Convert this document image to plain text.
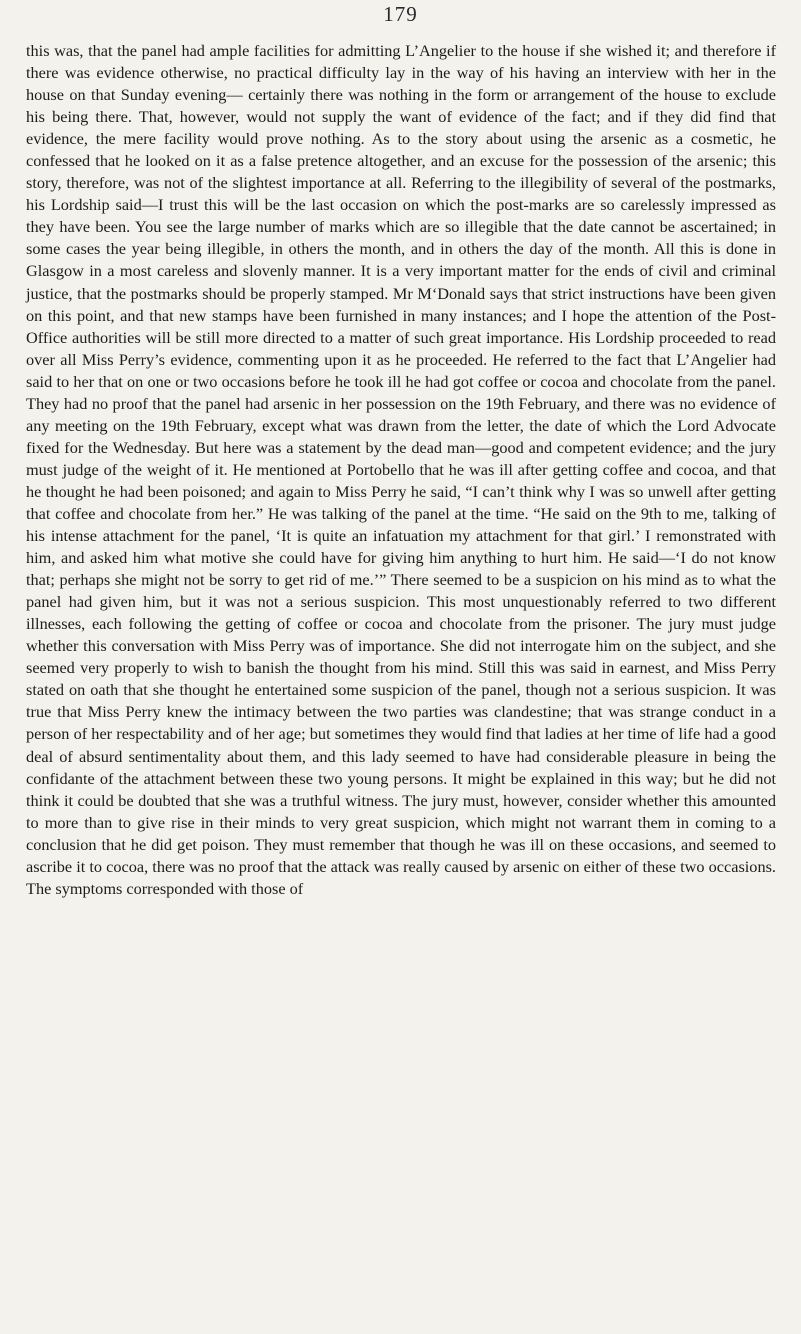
179

this was, that the panel had ample facilities for admitting L’Angelier to the house if she wished it; and therefore if there was evidence otherwise, no practical difficulty lay in the way of his having an interview with her in the house on that Sunday evening— certainly there was nothing in the form or arrangement of the house to exclude his being there. That, however, would not supply the want of evidence of the fact; and if they did find that evidence, the mere facility would prove nothing. As to the story about using the arsenic as a cosmetic, he confessed that he looked on it as a false pretence altogether, and an excuse for the possession of the arsenic; this story, therefore, was not of the slightest importance at all. Referring to the illegibility of several of the postmarks, his Lordship said—I trust this will be the last occasion on which the post-marks are so carelessly impressed as they have been. You see the large number of marks which are so illegible that the date cannot be ascertained; in some cases the year being illegible, in others the month, and in others the day of the month. All this is done in Glasgow in a most careless and slovenly manner. It is a very important matter for the ends of civil and criminal justice, that the postmarks should be properly stamped. Mr M‘Donald says that strict instructions have been given on this point, and that new stamps have been furnished in many instances; and I hope the attention of the Post-Office authorities will be still more directed to a matter of such great importance. His Lordship proceeded to read over all Miss Perry’s evidence, commenting upon it as he proceeded. He referred to the fact that L’Angelier had said to her that on one or two occasions before he took ill he had got coffee or cocoa and chocolate from the panel. They had no proof that the panel had arsenic in her possession on the 19th February, and there was no evidence of any meeting on the 19th February, except what was drawn from the letter, the date of which the Lord Advocate fixed for the Wednesday. But here was a statement by the dead man—good and competent evidence; and the jury must judge of the weight of it. He mentioned at Portobello that he was ill after getting coffee and cocoa, and that he thought he had been poisoned; and again to Miss Perry he said, “I can’t think why I was so unwell after getting that coffee and chocolate from her.” He was talking of the panel at the time. “He said on the 9th to me, talking of his intense attachment for the panel, ‘It is quite an infatuation my attachment for that girl.’ I remonstrated with him, and asked him what motive she could have for giving him anything to hurt him. He said—‘I do not know that; perhaps she might not be sorry to get rid of me.’” There seemed to be a suspicion on his mind as to what the panel had given him, but it was not a serious suspicion. This most unquestionably referred to two different illnesses, each following the getting of coffee or cocoa and chocolate from the prisoner. The jury must judge whether this conversation with Miss Perry was of importance. She did not interrogate him on the subject, and she seemed very properly to wish to banish the thought from his mind. Still this was said in earnest, and Miss Perry stated on oath that she thought he entertained some suspicion of the panel, though not a serious suspicion. It was true that Miss Perry knew the intimacy between the two parties was clandestine; that was strange conduct in a person of her respectability and of her age; but sometimes they would find that ladies at her time of life had a good deal of absurd sentimentality about them, and this lady seemed to have had considerable pleasure in being the confidante of the attachment between these two young persons. It might be explained in this way; but he did not think it could be doubted that she was a truthful witness. The jury must, however, consider whether this amounted to more than to give rise in their minds to very great suspicion, which might not warrant them in coming to a conclusion that he did get poison. They must remember that though he was ill on these occasions, and seemed to ascribe it to cocoa, there was no proof that the attack was really caused by arsenic on either of these two occasions. The symptoms corresponded with those of
